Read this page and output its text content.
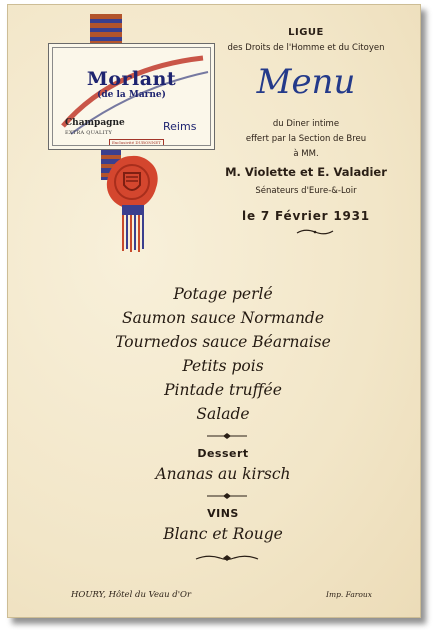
Morlant
(de la Marne)
Champagne
EXTRA QUALITY	Reims
Exclusivité DUBONNET
LIGUE
des Droits de l'Homme et du Citoyen
Menu
du Diner intime
effert par la Section de Breu
à MM.
M. Violette et E. Valadier
Sénateurs d'Eure-&-Loir
le 7 Février 1931
Potage perlé
Saumon sauce Normande
Tournedos sauce Béarnaise
Petits pois
Pintade truffée
Salade
Dessert
Ananas au kirsch
VINS
Blanc et Rouge
HOURY, Hôtel du Veau d'Or	Imp. Faroux
